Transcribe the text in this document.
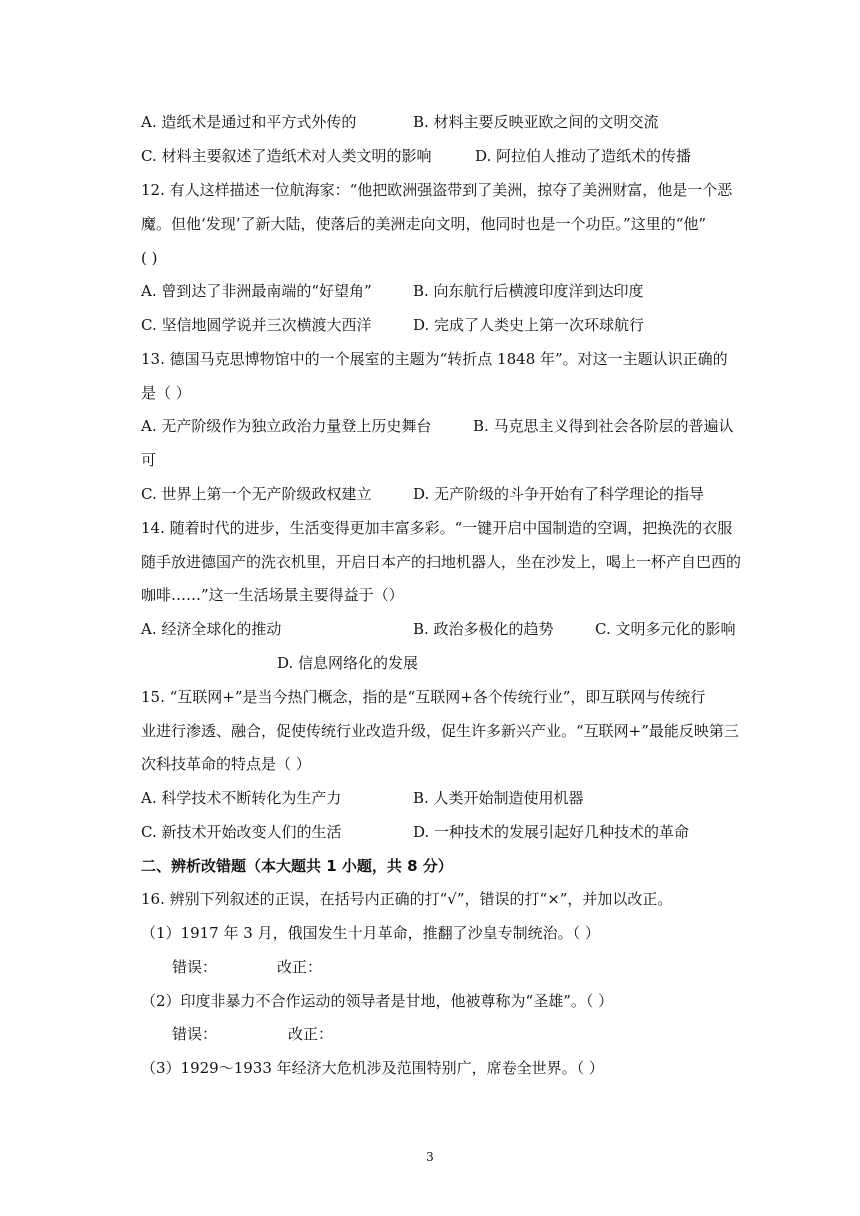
A. 造纸术是通过和平方式外传的	B. 材料主要反映亚欧之间的文明交流
C. 材料主要叙述了造纸术对人类文明的影响	D. 阿拉伯人推动了造纸术的传播
12. 有人这样描述一位航海家：“他把欧洲强盗带到了美洲，掠夺了美洲财富，他是一个恶
魔。但他‘发现’了新大陆，使落后的美洲走向文明，他同时也是一个功臣。”这里的“他”
( )
A. 曾到达了非洲最南端的“好望角”	B. 向东航行后横渡印度洋到达印度
C. 坚信地圆学说并三次横渡大西洋	D. 完成了人类史上第一次环球航行
13. 德国马克思博物馆中的一个展室的主题为“转折点 1848 年”。对这一主题认识正确的
是（ ）
A. 无产阶级作为独立政治力量登上历史舞台	B. 马克思主义得到社会各阶层的普遍认
可
C. 世界上第一个无产阶级政权建立	D. 无产阶级的斗争开始有了科学理论的指导
14. 随着时代的进步，生活变得更加丰富多彩。“一键开启中国制造的空调，把换洗的衣服
随手放进德国产的洗衣机里，开启日本产的扫地机器人，坐在沙发上，喝上一杯产自巴西的
咖啡……”这一生活场景主要得益于（）
A. 经济全球化的推动	B. 政治多极化的趋势	C. 文明多元化的影响
D. 信息网络化的发展
15. “互联网+”是当今热门概念，指的是“互联网+各个传统行业”，即互联网与传统行
业进行渗透、融合，促使传统行业改造升级，促生许多新兴产业。“互联网+”最能反映第三
次科技革命的特点是（ ）
A. 科学技术不断转化为生产力	B. 人类开始制造使用机器
C. 新技术开始改变人们的生活	D. 一种技术的发展引起好几种技术的革命
二、辨析改错题（本大题共 1 小题，共 8 分）
16. 辨别下列叙述的正误，在括号内正确的打“√”，错误的打“×”，并加以改正。
（1）1917 年 3 月，俄国发生十月革命，推翻了沙皇专制统治。（ ）
错误：	改正：
（2）印度非暴力不合作运动的领导者是甘地，他被尊称为“圣雄”。（ ）
错误：	改正：
（3）1929～1933 年经济大危机涉及范围特别广，席卷全世界。（ ）
3
